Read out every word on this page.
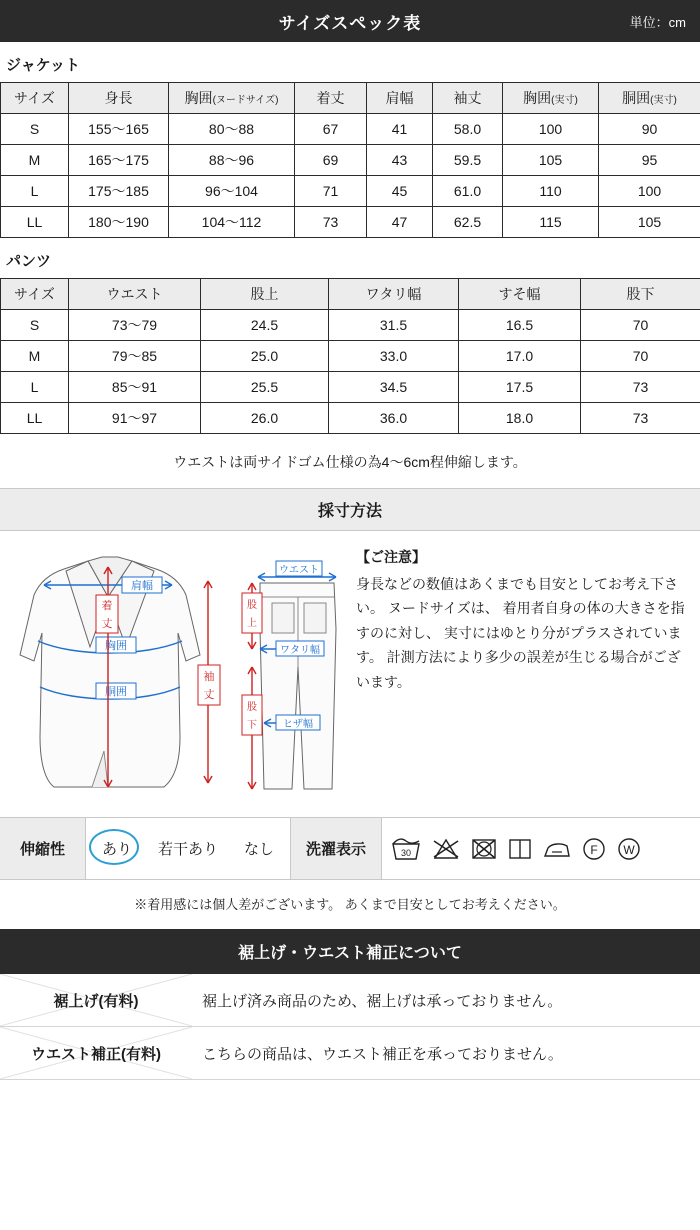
サイズスペック表	単位：cm
ジャケット
サイズ	身長	胸囲(ヌードサイズ)	着丈	肩幅	袖丈	胸囲(実寸)	胴囲(実寸)
S	155〜165	80〜88	67	41	58.0	100	90
M	165〜175	88〜96	69	43	59.5	105	95
L	175〜185	96〜104	71	45	61.0	110	100
LL	180〜190	104〜112	73	47	62.5	115	105
パンツ
サイズ	ウエスト	股上	ワタリ幅	すそ幅	股下
S	73〜79	24.5	31.5	16.5	70
M	79〜85	25.0	33.0	17.0	70
L	85〜91	25.5	34.5	17.5	73
LL	91〜97	26.0	36.0	18.0	73
ウエストは両サイドゴム仕様の為4〜6cm程伸縮します。
採寸方法
肩幅
胸囲
胴囲
着
丈
袖
丈
ウエスト
ワタリ幅
ヒザ幅
股
上
股
下
【ご注意】
身長などの数値はあくまでも目安としてお考え下さい。 ヌードサイズは、 着用者自身の体の大きさを指すのに対し、 実寸にはゆとり分がプラスされています。 計測方法により多少の誤差が生じる場合がございます。
伸縮性	あり	若干あり	なし	洗濯表示	30	F W
※着用感には個人差がございます。 あくまで目安としてお考えください。
裾上げ・ウエスト補正について
裾上げ(有料)	裾上げ済み商品のため、裾上げは承っておりません。
ウエスト補正(有料)	こちらの商品は、ウエスト補正を承っておりません。
